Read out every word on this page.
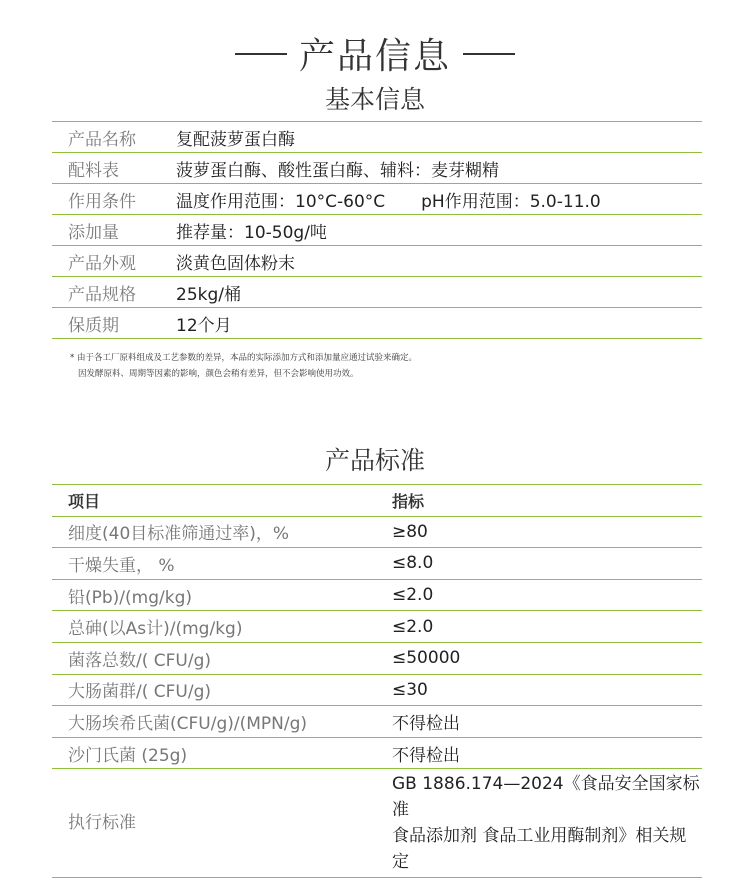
产品信息
基本信息
产品名称	复配菠萝蛋白酶
配料表	菠萝蛋白酶、酸性蛋白酶、辅料：麦芽糊精
作用条件	温度作用范围：10°C-60°C pH作用范围：5.0-11.0
添加量	推荐量：10-50g/吨
产品外观	淡黄色固体粉末
产品规格	25kg/桶
保质期	12个月
* 由于各工厂原料组成及工艺参数的差异，本品的实际添加方式和添加量应通过试验来确定。
因发酵原料、周期等因素的影响，颜色会稍有差异，但不会影响使用功效。
产品标准
项目	指标
细度(40目标准筛通过率)，%	≥80
干燥失重， %	≤8.0
铅(Pb)/(mg/kg)	≤2.0
总砷(以As计)/(mg/kg)	≤2.0
菌落总数/( CFU/g)	≤50000
大肠菌群/( CFU/g)	≤30
大肠埃希氏菌(CFU/g)/(MPN/g)	不得检出
沙门氏菌 (25g)	不得检出
执行标准	GB 1886.174—2024《食品安全国家标准
食品添加剂 食品工业用酶制剂》相关规定
